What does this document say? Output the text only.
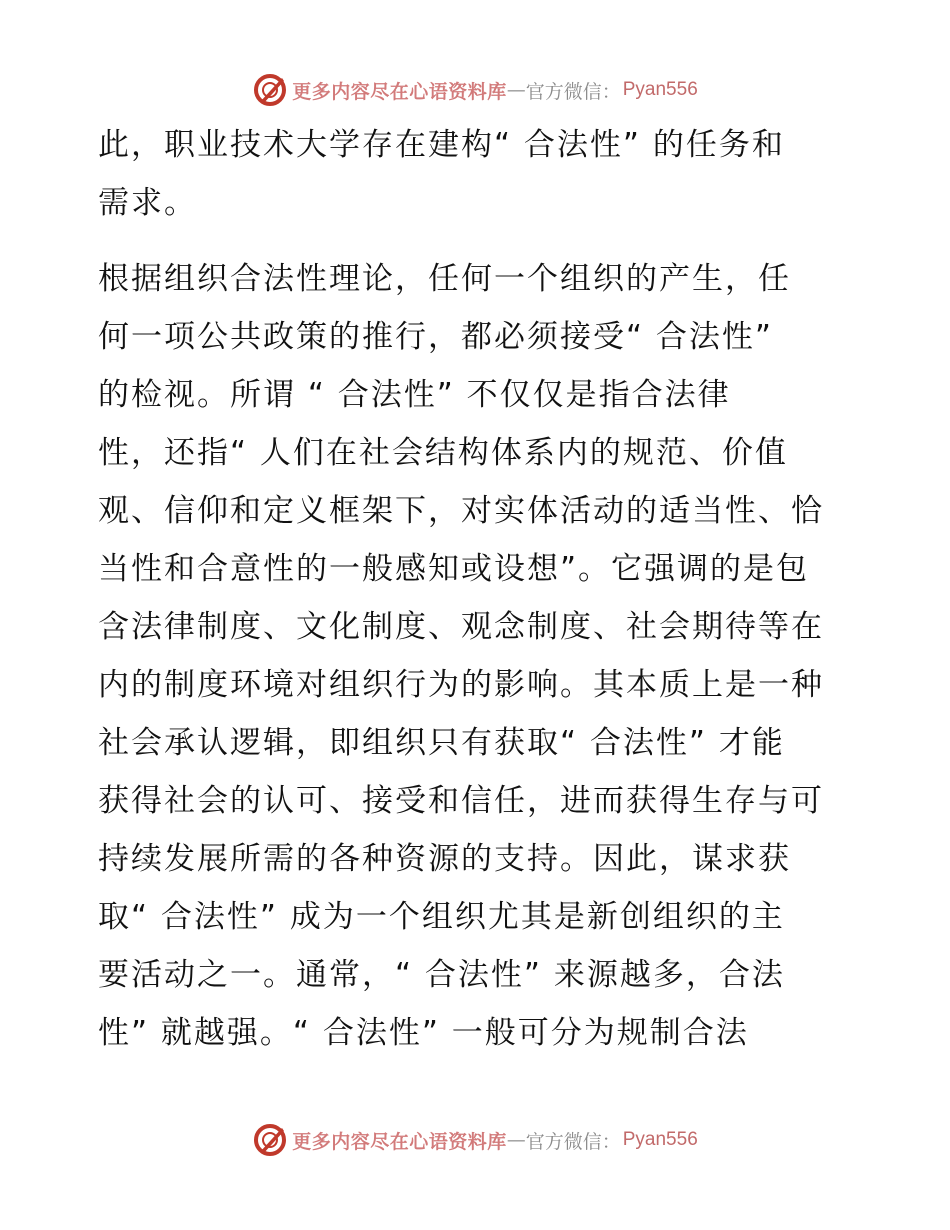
更多内容尽在心语资料库 — 官方微信： Pyan556
此，职业技术大学存在建构“ 合法性” 的任务和
需求。
根据组织合法性理论，任何一个组织的产生，任
何一项公共政策的推行，都必须接受“ 合法性”
的检视。所谓 “ 合法性” 不仅仅是指合法律
性，还指“ 人们在社会结构体系内的规范、价值
观、信仰和定义框架下，对实体活动的适当性、恰
当性和合意性的一般感知或设想”。它强调的是包
含法律制度、文化制度、观念制度、社会期待等在
内的制度环境对组织行为的影响。其本质上是一种
社会承认逻辑，即组织只有获取“ 合法性” 才能
获得社会的认可、接受和信任，进而获得生存与可
持续发展所需的各种资源的支持。因此，谋求获
取“ 合法性” 成为一个组织尤其是新创组织的主
要活动之一。通常，“ 合法性” 来源越多，合法
性” 就越强。“ 合法性” 一般可分为规制合法
更多内容尽在心语资料库 — 官方微信： Pyan556
